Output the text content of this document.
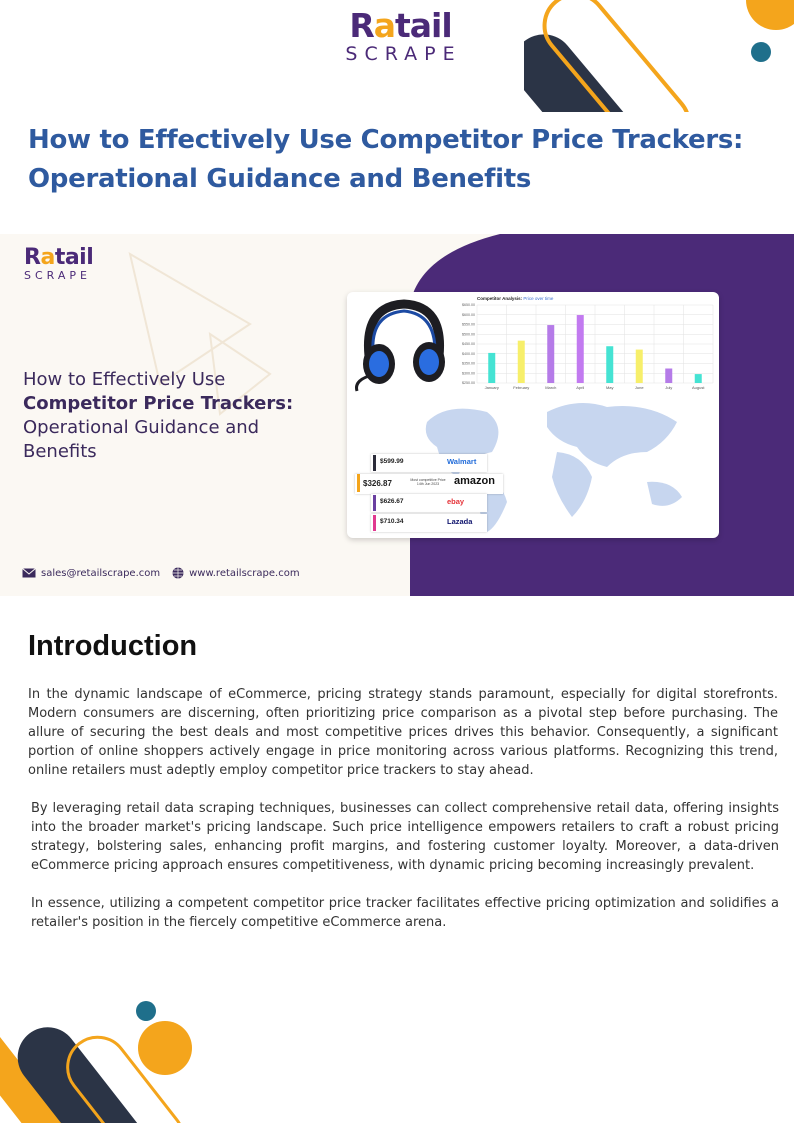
Ratail
SCRAPE
How to Effectively Use Competitor Price Trackers:
Operational Guidance and Benefits
Ratail
SCRAPE
How to Effectively Use
Competitor Price Trackers:
Operational Guidance and
Benefits
Competitor Analysis: Price over time
$650.00
$600.00
$550.00
$500.00
$450.00
$400.00
$350.00
$300.00
$250.00
January	February	March	April	May	June	July	August
$599.99	Walmart
$326.87	Most competitive Price
14th Jun 2023	amazon
$626.67	ebay
$710.34	Lazada
sales@retailscrape.com	www.retailscrape.com
Introduction

In the dynamic landscape of eCommerce, pricing strategy stands paramount, especially for digital storefronts. Modern consumers are discerning, often prioritizing price comparison as a pivotal step before purchasing. The allure of securing the best deals and most competitive prices drives this behavior. Consequently, a significant portion of online shoppers actively engage in price monitoring across various platforms. Recognizing this trend, online retailers must adeptly employ competitor price trackers to stay ahead.

By leveraging retail data scraping techniques, businesses can collect comprehensive retail data, offering insights into the broader market's pricing landscape. Such price intelligence empowers retailers to craft a robust pricing strategy, bolstering sales, enhancing profit margins, and fostering customer loyalty. Moreover, a data-driven eCommerce pricing approach ensures competitiveness, with dynamic pricing becoming increasingly prevalent.

In essence, utilizing a competent competitor price tracker facilitates effective pricing optimization and solidifies a retailer's position in the fiercely competitive eCommerce arena.
